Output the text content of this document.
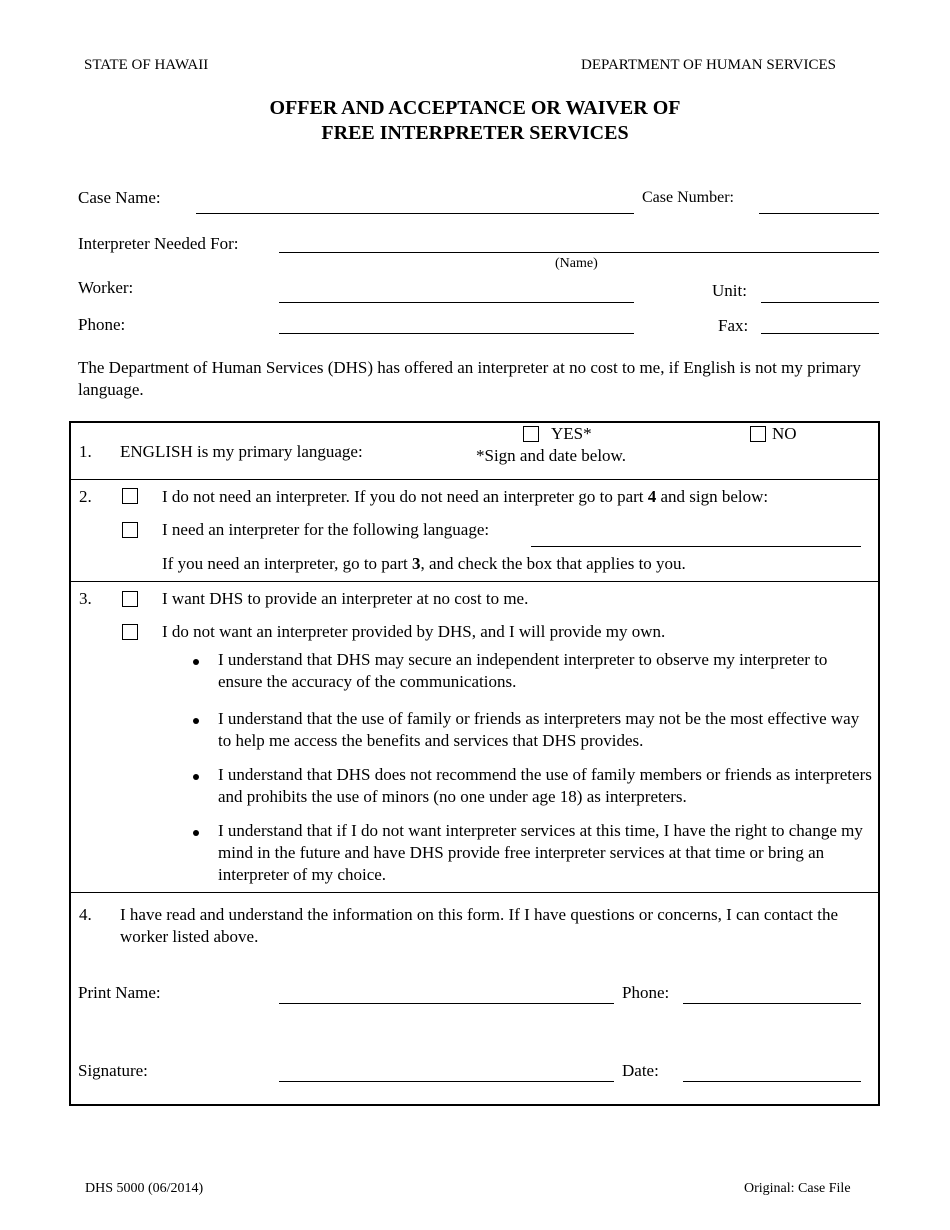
STATE OF HAWAII	DEPARTMENT OF HUMAN SERVICES
OFFER AND ACCEPTANCE OR WAIVER OF
FREE INTERPRETER SERVICES
Case Name:	Case Number:
Interpreter Needed For:
(Name)
Worker:	Unit:
Phone:	Fax:
The Department of Human Services (DHS) has offered an interpreter at no cost to me, if English is not my primary language.
1. ENGLISH is my primary language:
YES*
*Sign and date below.
NO
2.	I do not need an interpreter. If you do not need an interpreter go to part 4 and sign below:
I need an interpreter for the following language:
If you need an interpreter, go to part 3, and check the box that applies to you.
3.	I want DHS to provide an interpreter at no cost to me.
I do not want an interpreter provided by DHS, and I will provide my own.
I understand that DHS may secure an independent interpreter to observe my interpreter to ensure the accuracy of the communications.
I understand that the use of family or friends as interpreters may not be the most effective way to help me access the benefits and services that DHS provides.
I understand that DHS does not recommend the use of family members or friends as interpreters and prohibits the use of minors (no one under age 18) as interpreters.
I understand that if I do not want interpreter services at this time, I have the right to change my mind in the future and have DHS provide free interpreter services at that time or bring an interpreter of my choice.
4. I have read and understand the information on this form. If I have questions or concerns, I can contact the worker listed above.
Print Name:	Phone:
Signature:	Date:
DHS 5000 (06/2014)	Original: Case File
